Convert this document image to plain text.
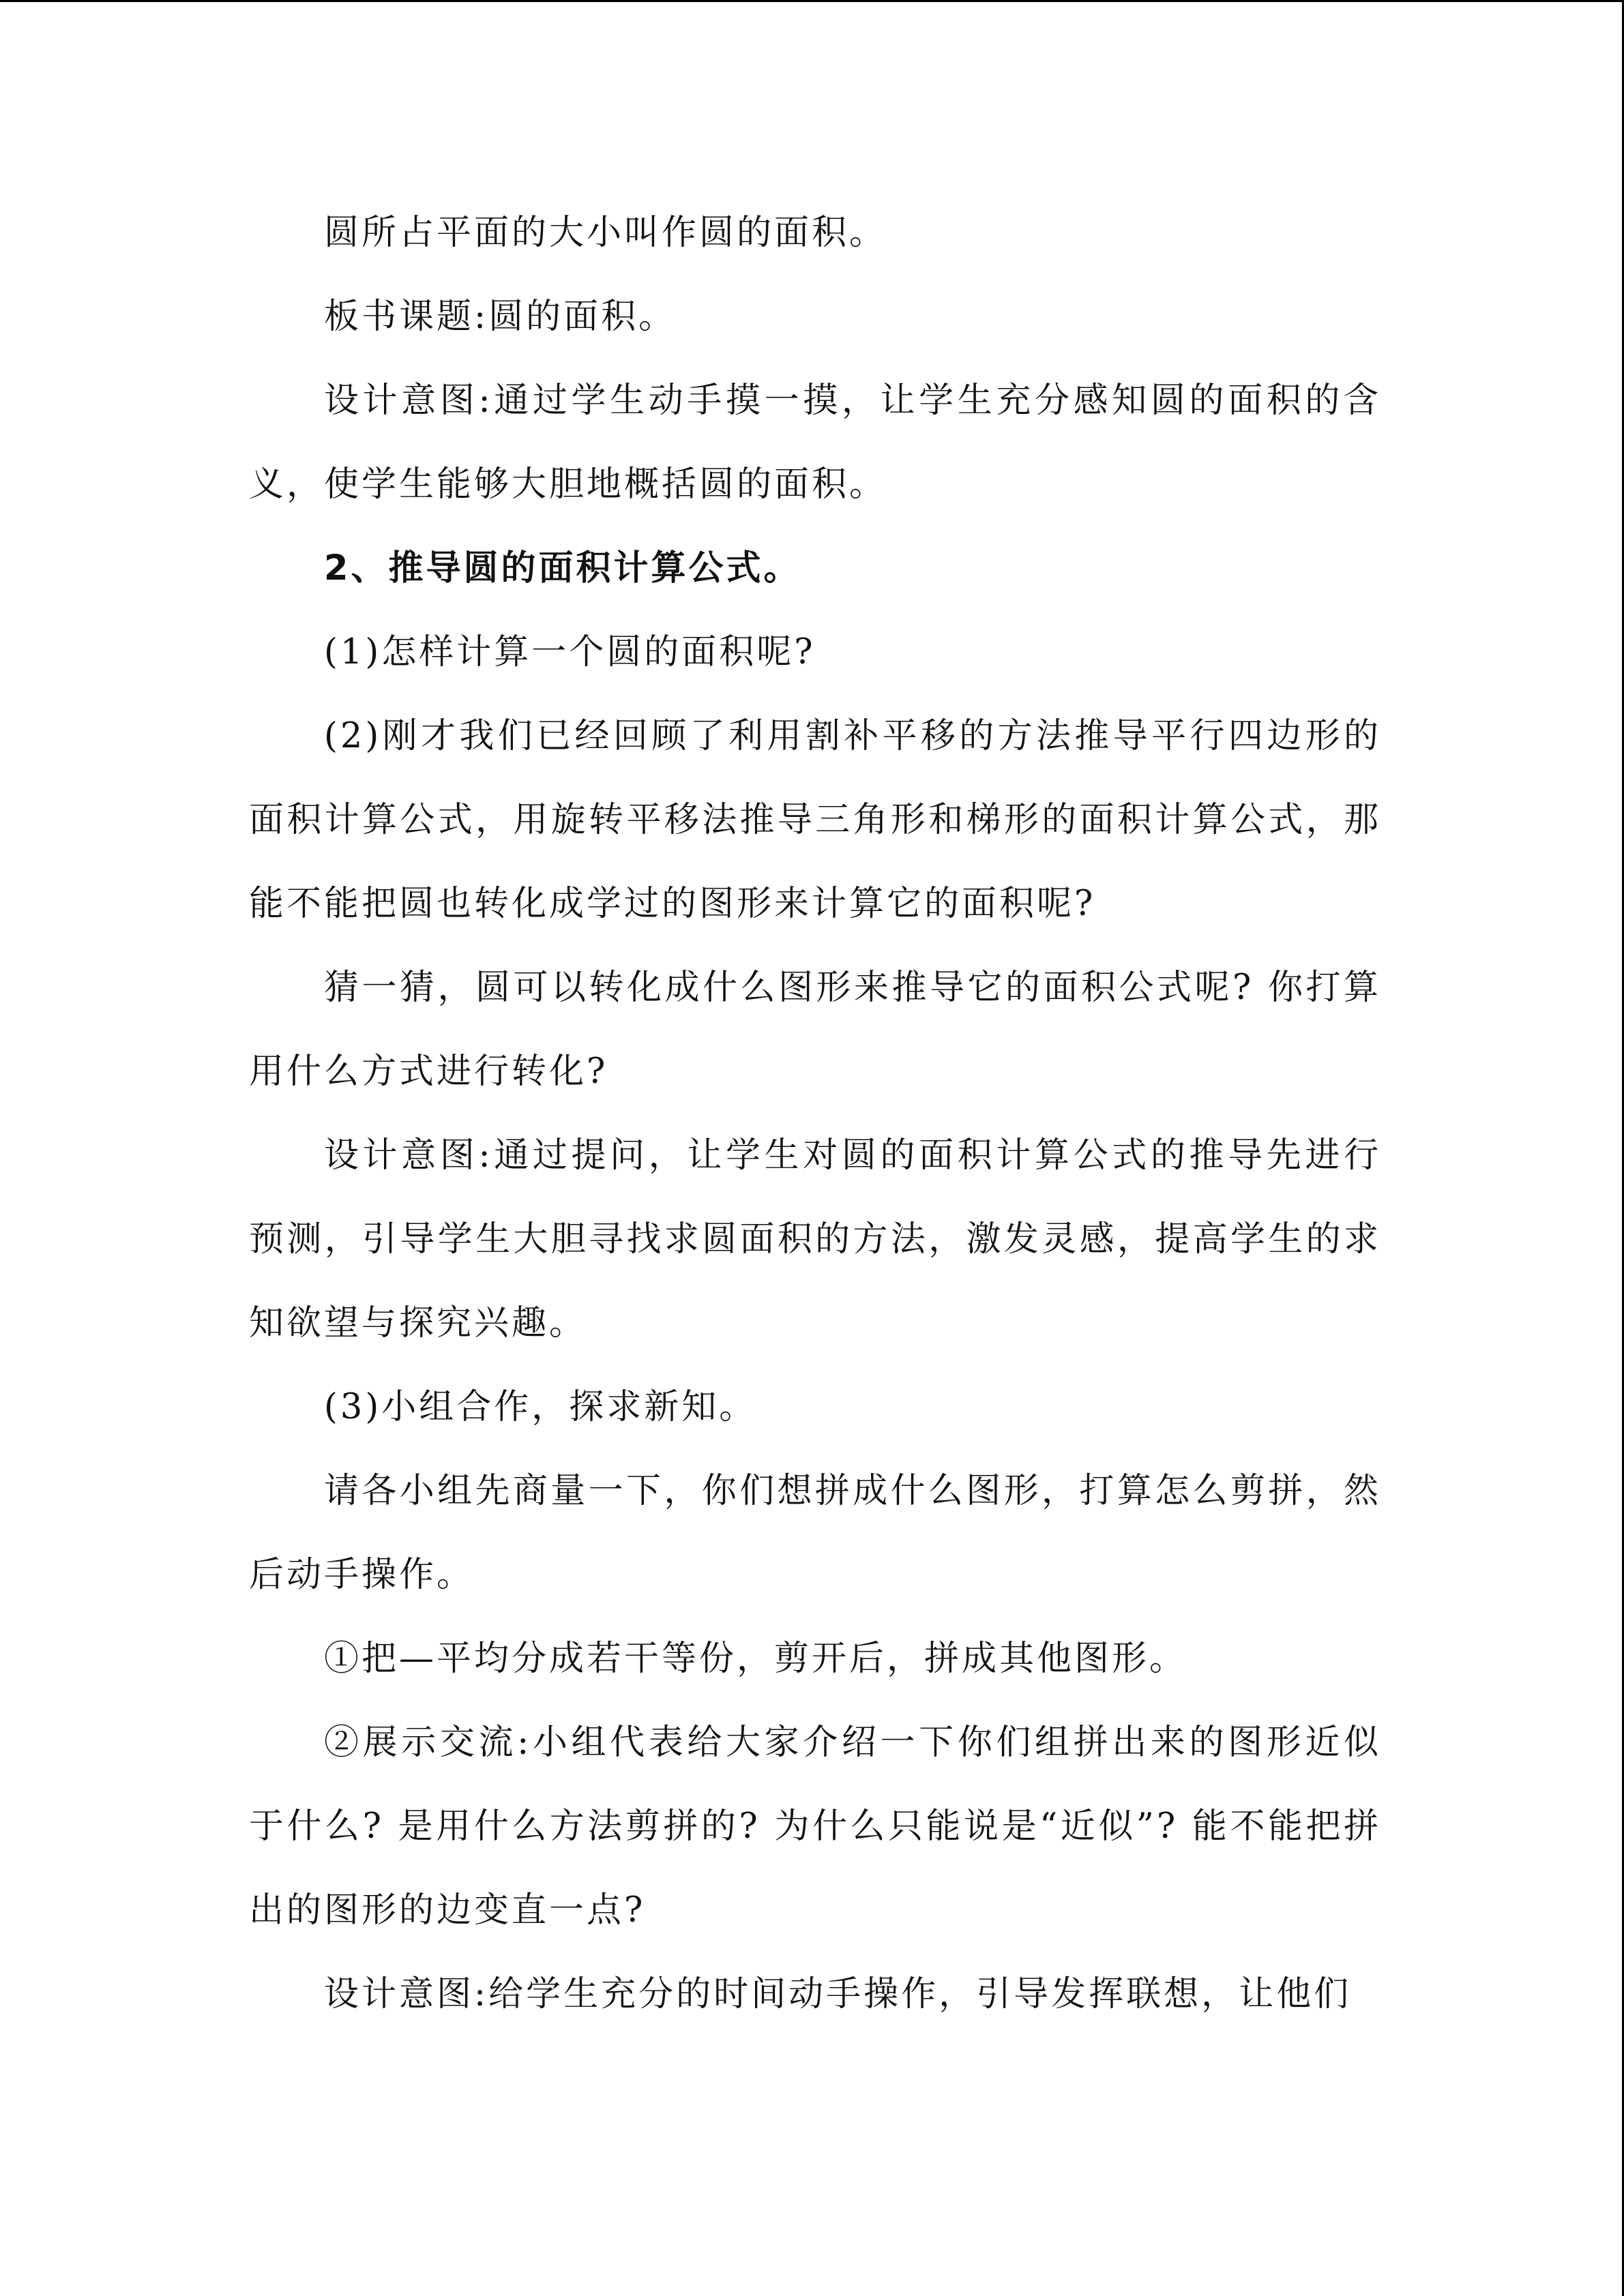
圆所占平面的大小叫作圆的面积。

板书课题:圆的面积。

设计意图:通过学生动手摸一摸，让学生充分感知圆的面积的含义，使学生能够大胆地概括圆的面积。

2、推导圆的面积计算公式。

(1)怎样计算一个圆的面积呢?

(2)刚才我们已经回顾了利用割补平移的方法推导平行四边形的面积计算公式，用旋转平移法推导三角形和梯形的面积计算公式，那能不能把圆也转化成学过的图形来计算它的面积呢?

猜一猜，圆可以转化成什么图形来推导它的面积公式呢? 你打算用什么方式进行转化?

设计意图:通过提问，让学生对圆的面积计算公式的推导先进行预测，引导学生大胆寻找求圆面积的方法，激发灵感，提高学生的求知欲望与探究兴趣。

(3)小组合作，探求新知。

请各小组先商量一下，你们想拼成什么图形，打算怎么剪拼，然后动手操作。

①把—平均分成若干等份，剪开后，拼成其他图形。

②展示交流:小组代表给大家介绍一下你们组拼出来的图形近似于什么? 是用什么方法剪拼的? 为什么只能说是“近似”? 能不能把拼出的图形的边变直一点?

设计意图:给学生充分的时间动手操作，引导发挥联想，让他们
